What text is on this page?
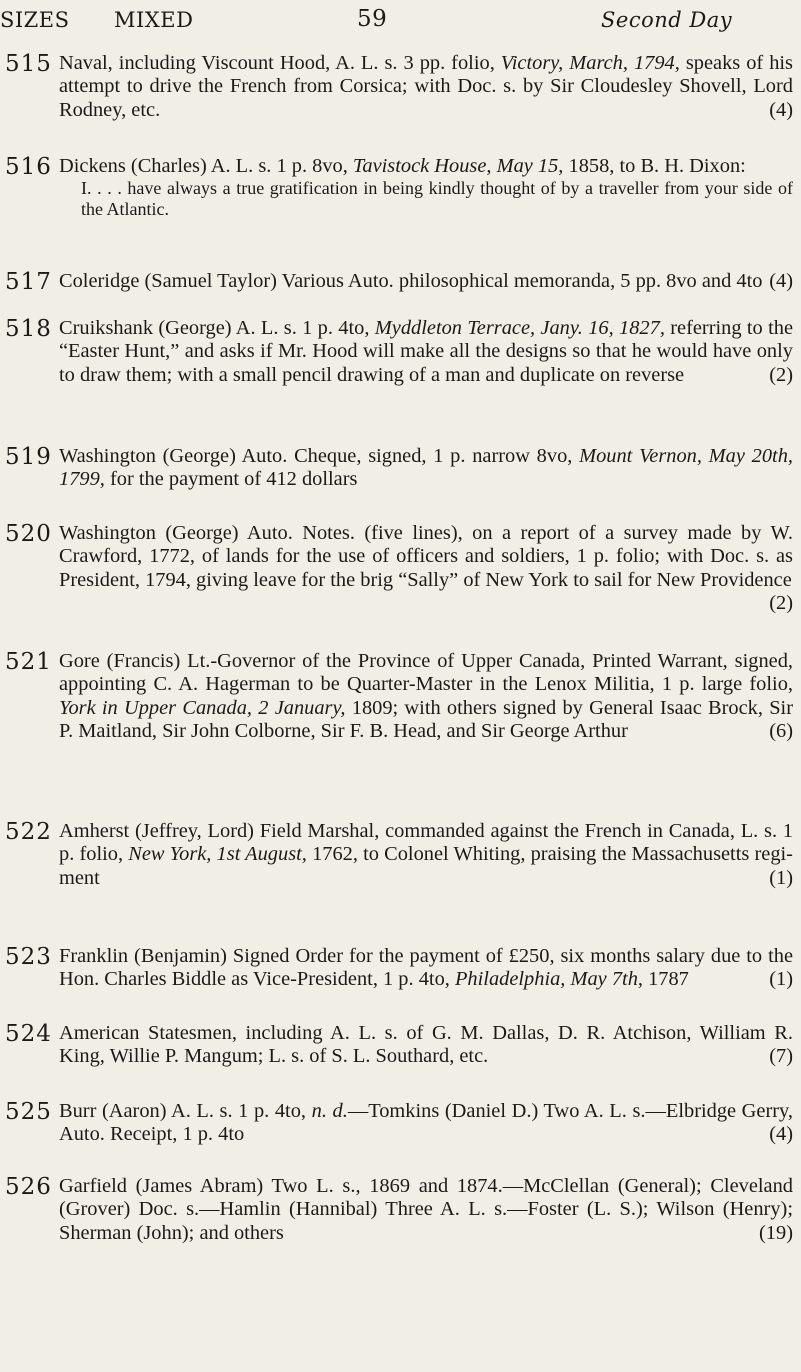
SIZES MIXED	59	Second Day
515 Naval, including Viscount Hood, A. L. s. 3 pp. folio, Victory, March, 1794, speaks of his attempt to drive the French from Corsica; with Doc. s. by Sir Cloudesley Shovell, Lord Rodney, etc.	(4)
516 Dickens (Charles) A. L. s. 1 p. 8vo, Tavistock House, May 15, 1858, to B. H. Dixon:
I. . . . have always a true gratification in being kindly thought of by a traveller from your side of the Atlantic.
517 Coleridge (Samuel Taylor) Various Auto. philosophical memoranda, 5 pp. 8vo and 4to (4)
518 Cruikshank (George) A. L. s. 1 p. 4to, Myddleton Terrace, Jany. 16, 1827, referring to the “Easter Hunt,” and asks if Mr. Hood will make all the designs so that he would have only to draw them; with a small pencil drawing of a man and duplicate on reverse	(2)
519 Washington (George) Auto. Cheque, signed, 1 p. narrow 8vo, Mount Vernon, May 20th, 1799, for the payment of 412 dollars
520 Washington (George) Auto. Notes. (five lines), on a report of a survey made by W. Crawford, 1772, of lands for the use of officers and soldiers, 1 p. folio; with Doc. s. as President, 1794, giving leave for the brig “Sally” of New York to sail for New Providence
(2)
521 Gore (Francis) Lt.-Governor of the Province of Upper Canada, Printed Warrant, signed, appointing C. A. Hagerman to be Quarter-Master in the Lenox Militia, 1 p. large folio, York in Upper Canada, 2 January, 1809; with others signed by General Isaac Brock, Sir P. Maitland, Sir John Colborne, Sir F. B. Head, and Sir George Arthur	(6)
522 Amherst (Jeffrey, Lord) Field Marshal, commanded against the French in Canada, L. s. 1 p. folio, New York, 1st August, 1762, to Colonel Whiting, praising the Massachusetts regi-ment	(1)
523 Franklin (Benjamin) Signed Order for the payment of £250, six months salary due to the Hon. Charles Biddle as Vice-President, 1 p. 4to, Philadelphia, May 7th, 1787	(1)
524 American Statesmen, including A. L. s. of G. M. Dallas, D. R. Atchison, William R. King, Willie P. Mangum; L. s. of S. L. Southard, etc.	(7)
525 Burr (Aaron) A. L. s. 1 p. 4to, n. d.—Tomkins (Daniel D.) Two A. L. s.—Elbridge Gerry, Auto. Receipt, 1 p. 4to	(4)
526 Garfield (James Abram) Two L. s., 1869 and 1874.—McClellan (General); Cleveland (Grover) Doc. s.—Hamlin (Hannibal) Three A. L. s.—Foster (L. S.); Wilson (Henry); Sherman (John); and others	(19)
